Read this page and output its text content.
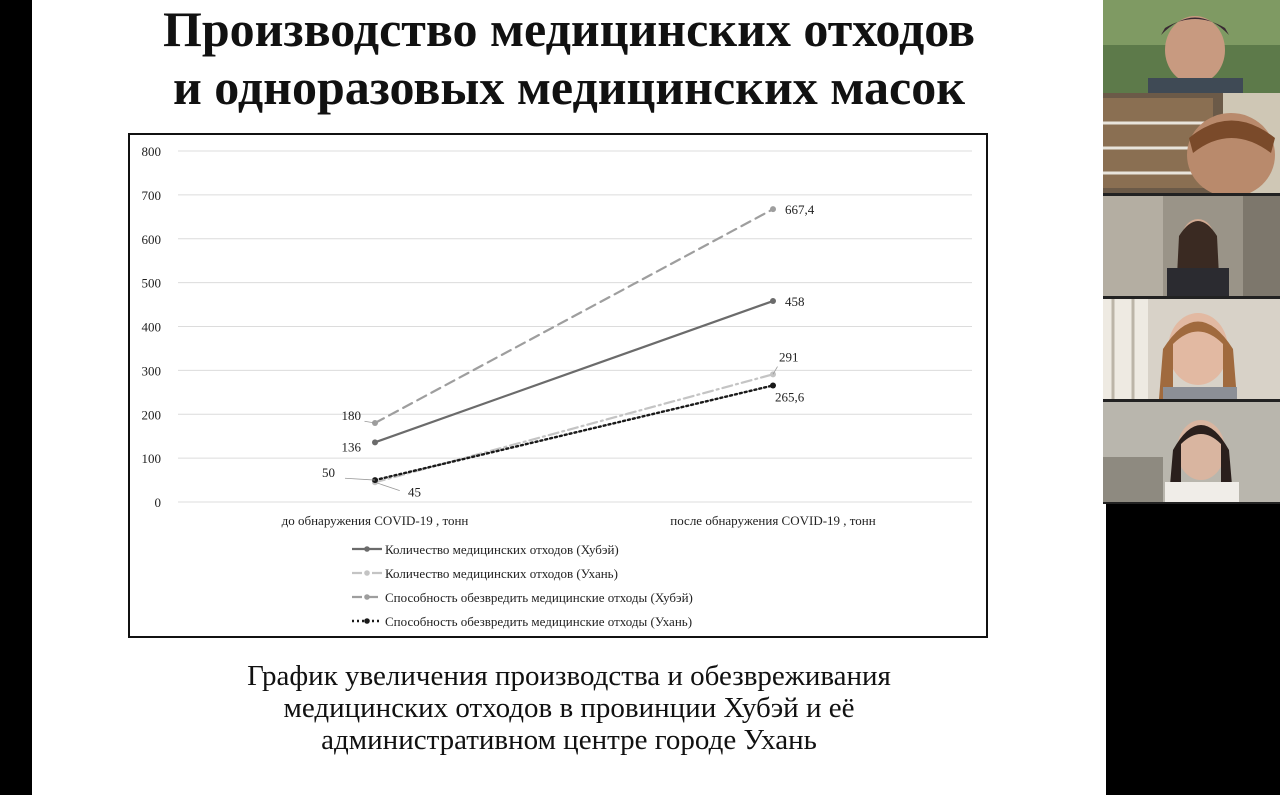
Производство медицинских отходов
и одноразовых медицинских масок
0
100
200
300
400
500
600
700
800
до обнаружения COVID-19 , тонн	после обнаружения COVID-19 , тонн
136
458
45
291
180
667,4
50
265,6
Количество медицинских отходов (Хубэй)
Количество медицинских отходов (Ухань)
Способность обезвредить медицинские отходы (Хубэй)
Способность обезвредить медицинские отходы (Ухань)
График увеличения производства и обезвреживания
медицинских отходов в провинции Хубэй и её
административном центре городе Ухань
